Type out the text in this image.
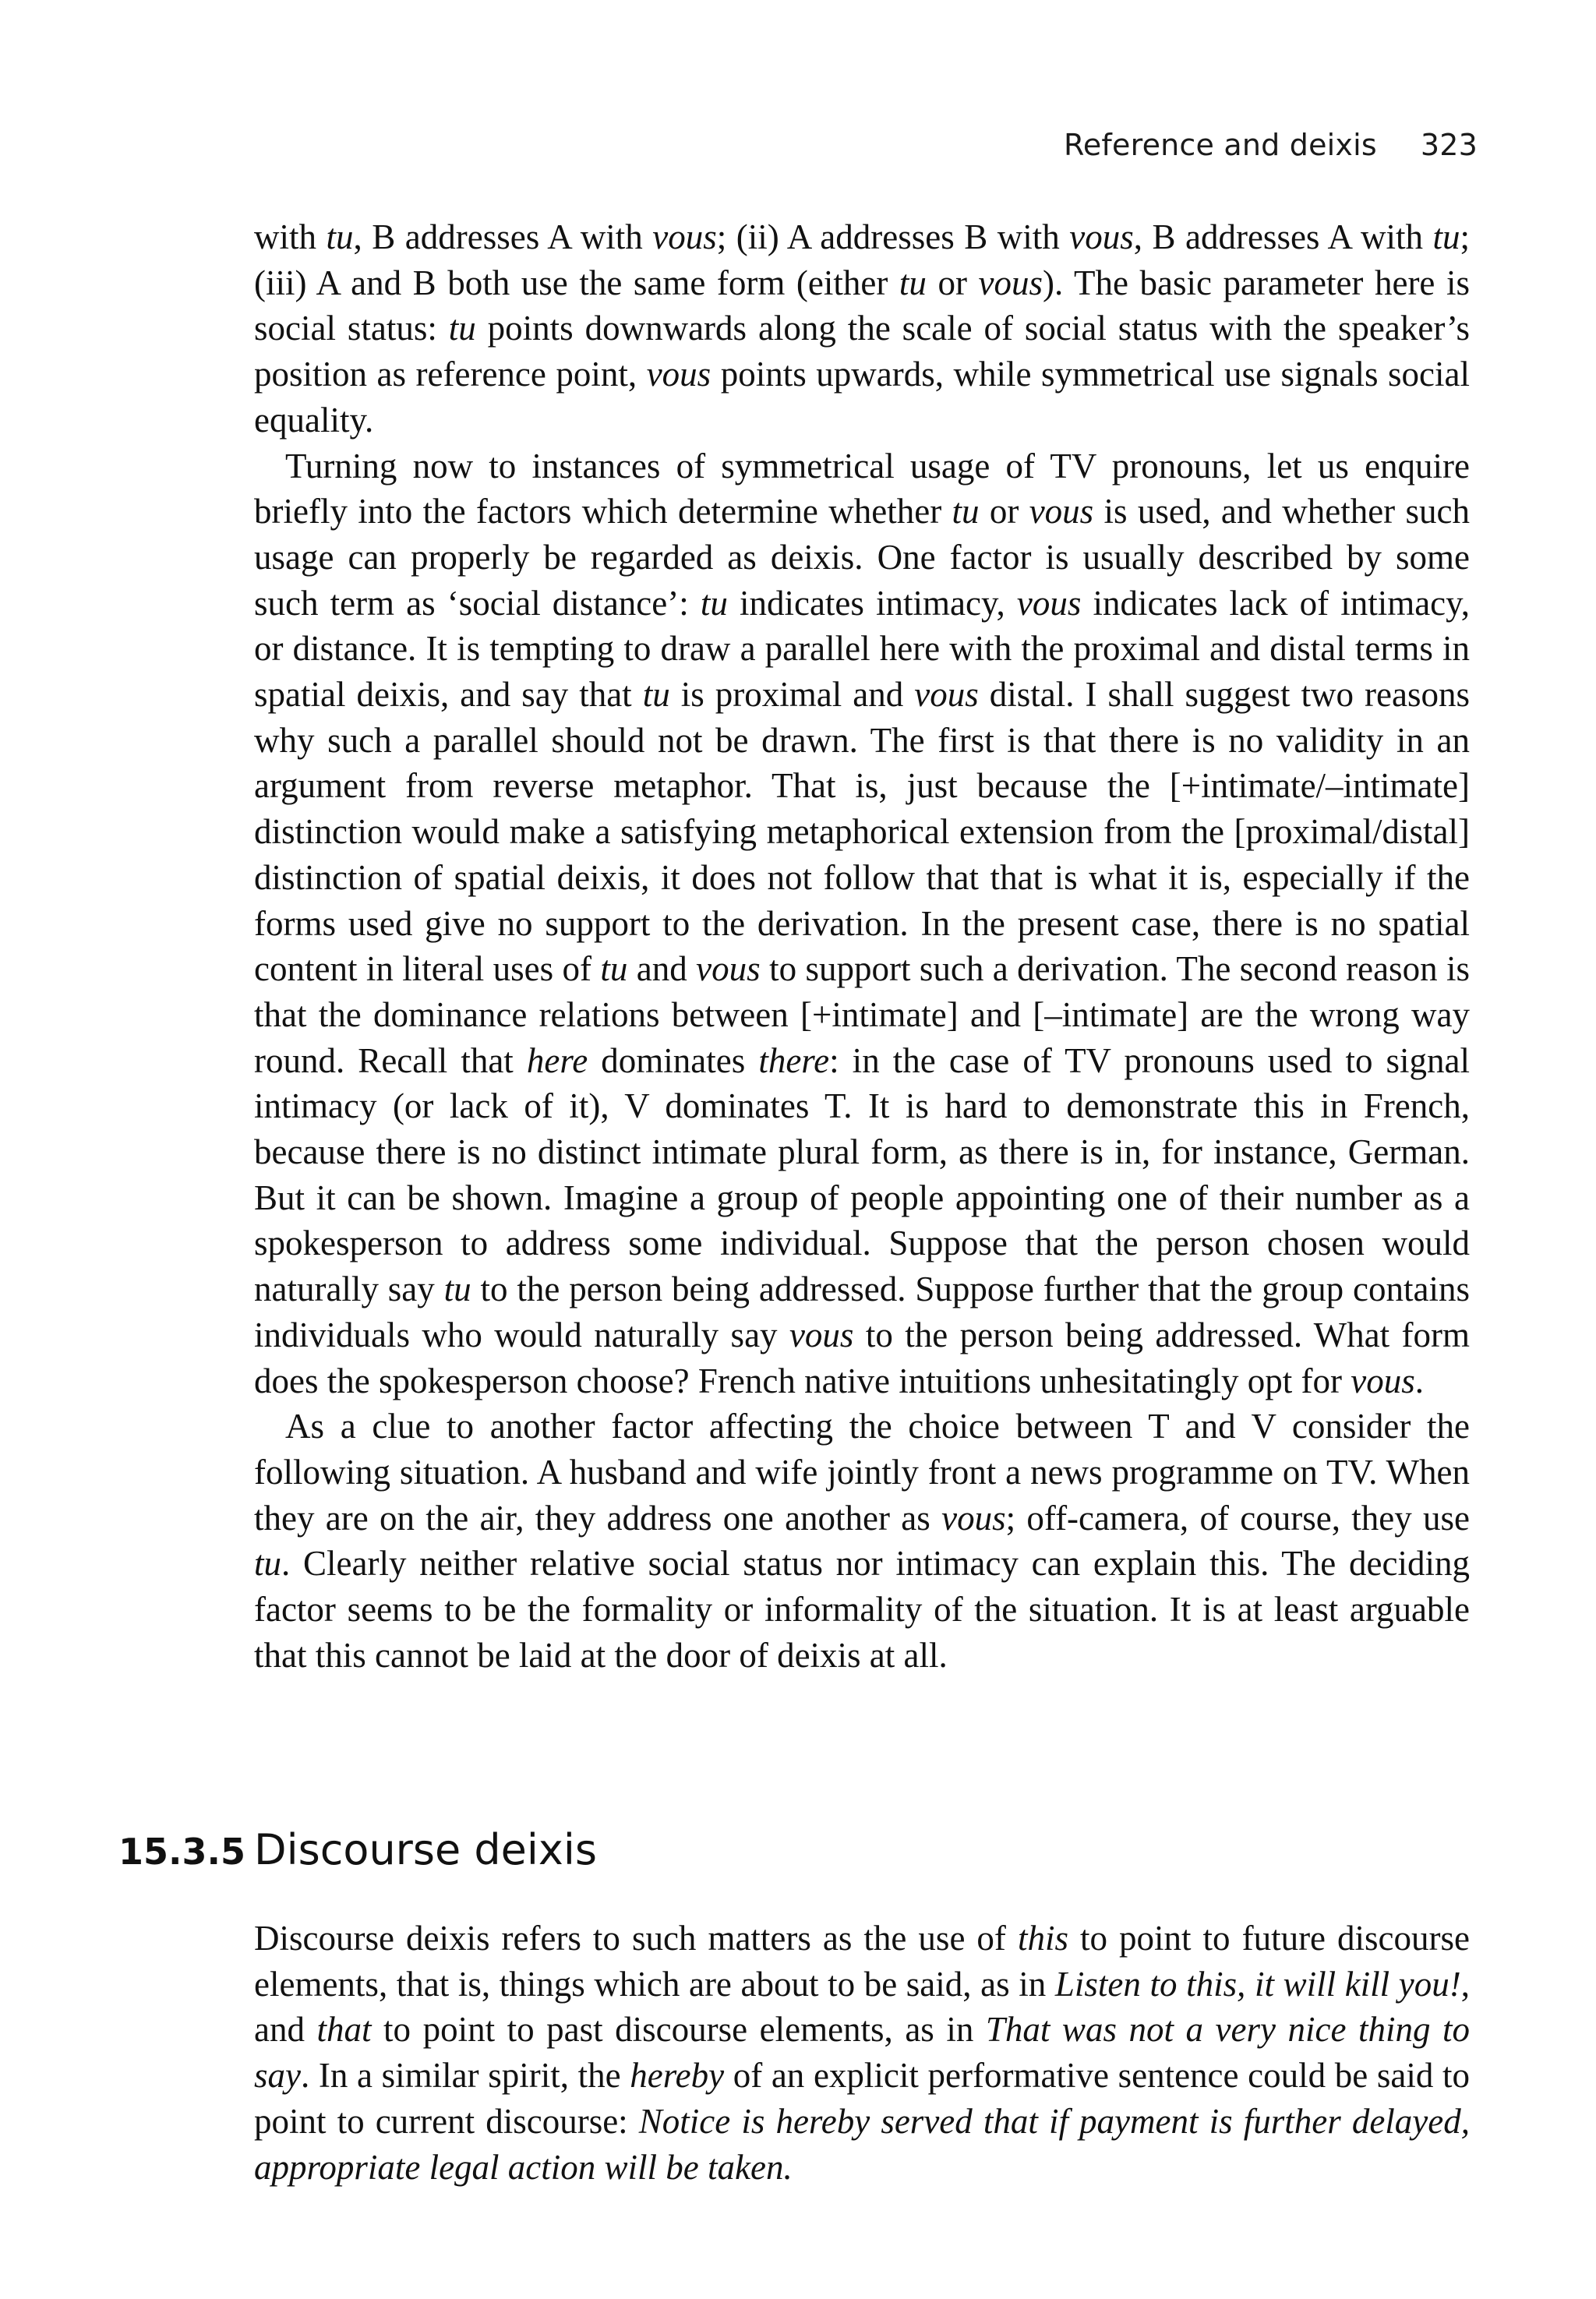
Reference and deixis 323

with tu, B addresses A with vous; (ii) A addresses B with vous, B addresses A with tu; (iii) A and B both use the same form (either tu or vous). The basic parameter here is social status: tu points downwards along the scale of social status with the speaker’s position as reference point, vous points upwards, while symmetrical use signals social equality.

Turning now to instances of symmetrical usage of TV pronouns, let us enquire briefly into the factors which determine whether tu or vous is used, and whether such usage can properly be regarded as deixis. One factor is usually described by some such term as ‘social distance’: tu indicates intimacy, vous indicates lack of intimacy, or distance. It is tempting to draw a parallel here with the proximal and distal terms in spatial deixis, and say that tu is proximal and vous distal. I shall suggest two reasons why such a parallel should not be drawn. The first is that there is no validity in an argument from reverse metaphor. That is, just because the [+intimate/–intimate] distinction would make a satisfying metaphorical extension from the [proximal/distal] distinction of spatial deixis, it does not follow that that is what it is, especially if the forms used give no support to the derivation. In the present case, there is no spatial content in literal uses of tu and vous to support such a derivation. The second reason is that the dominance relations between [+intimate] and [–intimate] are the wrong way round. Recall that here dominates there: in the case of TV pronouns used to signal intimacy (or lack of it), V dominates T. It is hard to demonstrate this in French, because there is no distinct intimate plural form, as there is in, for instance, German. But it can be shown. Imagine a group of people appointing one of their number as a spokesperson to address some individual. Suppose that the person chosen would naturally say tu to the person being addressed. Suppose further that the group contains individuals who would naturally say vous to the person being addressed. What form does the spokesperson choose? French native intuitions unhesitatingly opt for vous.

As a clue to another factor affecting the choice between T and V consider the following situation. A husband and wife jointly front a news programme on TV. When they are on the air, they address one another as vous; off-camera, of course, they use tu. Clearly neither relative social status nor intimacy can explain this. The deciding factor seems to be the formality or informality of the situation. It is at least arguable that this cannot be laid at the door of deixis at all.

15.3.5 Discourse deixis

Discourse deixis refers to such matters as the use of this to point to future discourse elements, that is, things which are about to be said, as in Listen to this, it will kill you!, and that to point to past discourse elements, as in That was not a very nice thing to say. In a similar spirit, the hereby of an explicit performative sentence could be said to point to current discourse: Notice is hereby served that if payment is further delayed, appropriate legal action will be taken.
